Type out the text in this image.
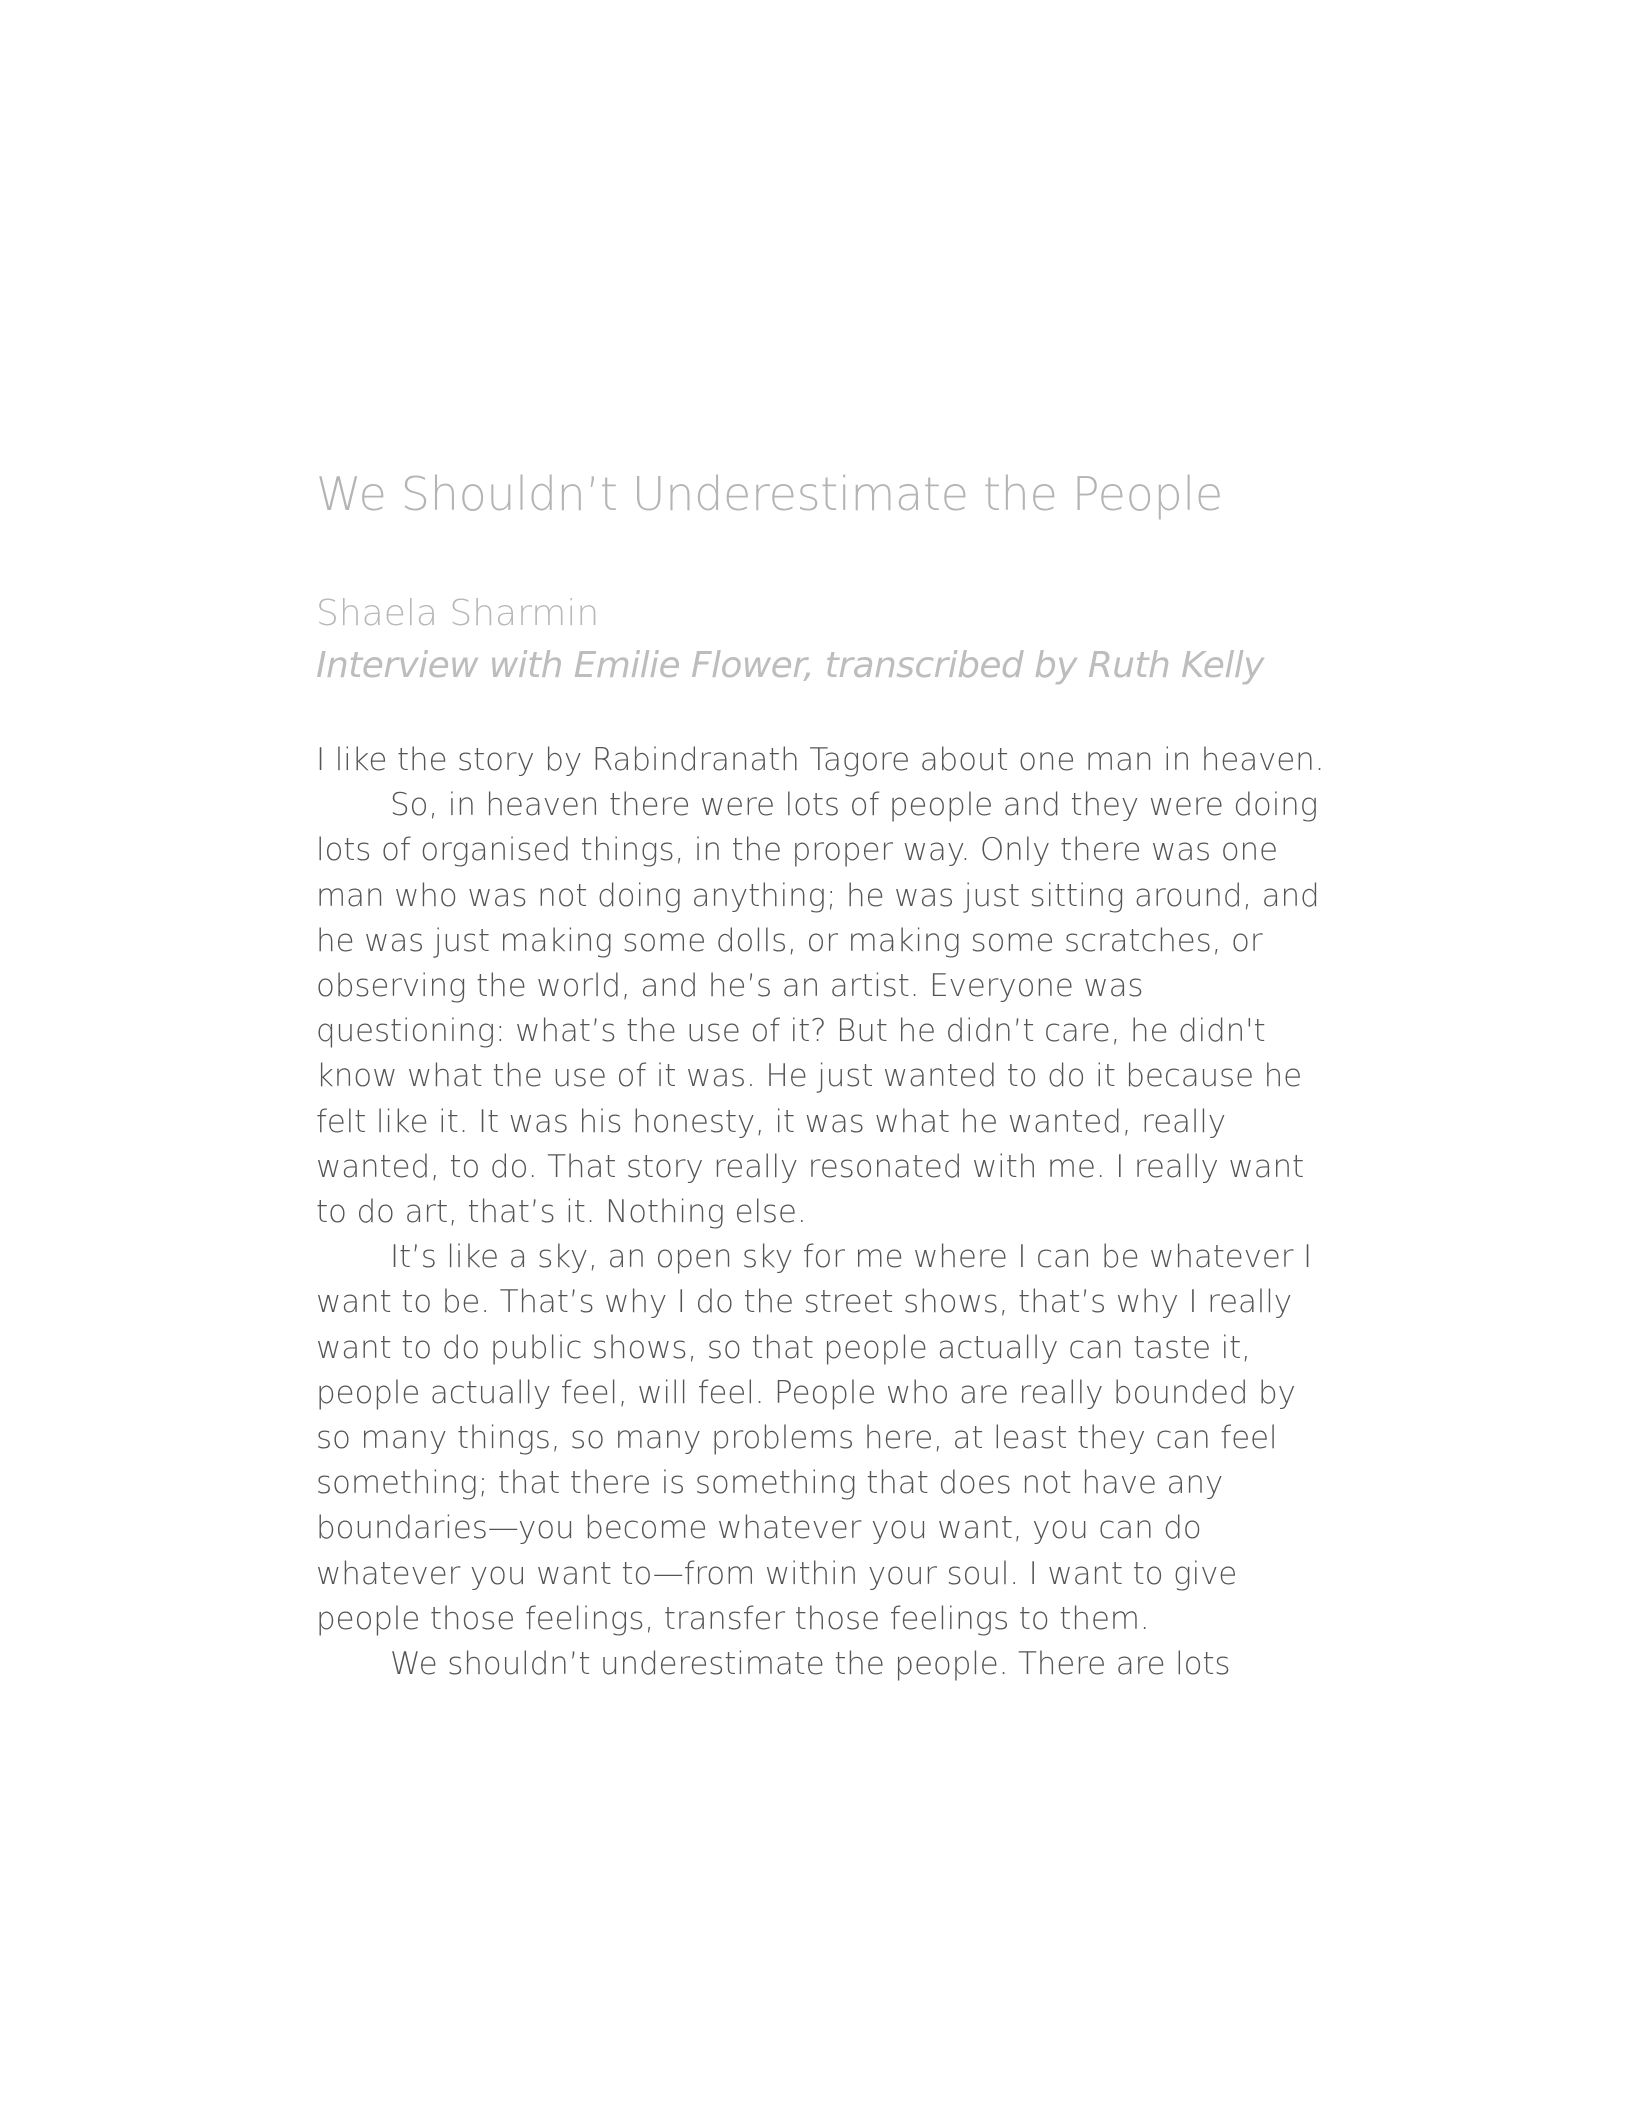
We Shouldn’t Underestimate the People

Shaela Sharmin

Interview with Emilie Flower, transcribed by Ruth Kelly

I like the story by Rabindranath Tagore about one man in heaven.

So, in heaven there were lots of people and they were doing lots of organised things, in the proper way. Only there was one man who was not doing anything; he was just sitting around, and he was just making some dolls, or making some scratches, or observing the world, and he’s an artist. Everyone was questioning: what’s the use of it? But he didn’t care, he didn't know what the use of it was. He just wanted to do it because he felt like it. It was his honesty, it was what he wanted, really wanted, to do. That story really resonated with me. I really want to do art, that’s it. Nothing else.

It’s like a sky, an open sky for me where I can be whatever I want to be. That’s why I do the street shows, that’s why I really want to do public shows, so that people actually can taste it, people actually feel, will feel. People who are really bounded by so many things, so many problems here, at least they can feel something; that there is something that does not have any boundaries—you become whatever you want, you can do whatever you want to—from within your soul. I want to give people those feelings, transfer those feelings to them.

We shouldn’t underestimate the people. There are lots
